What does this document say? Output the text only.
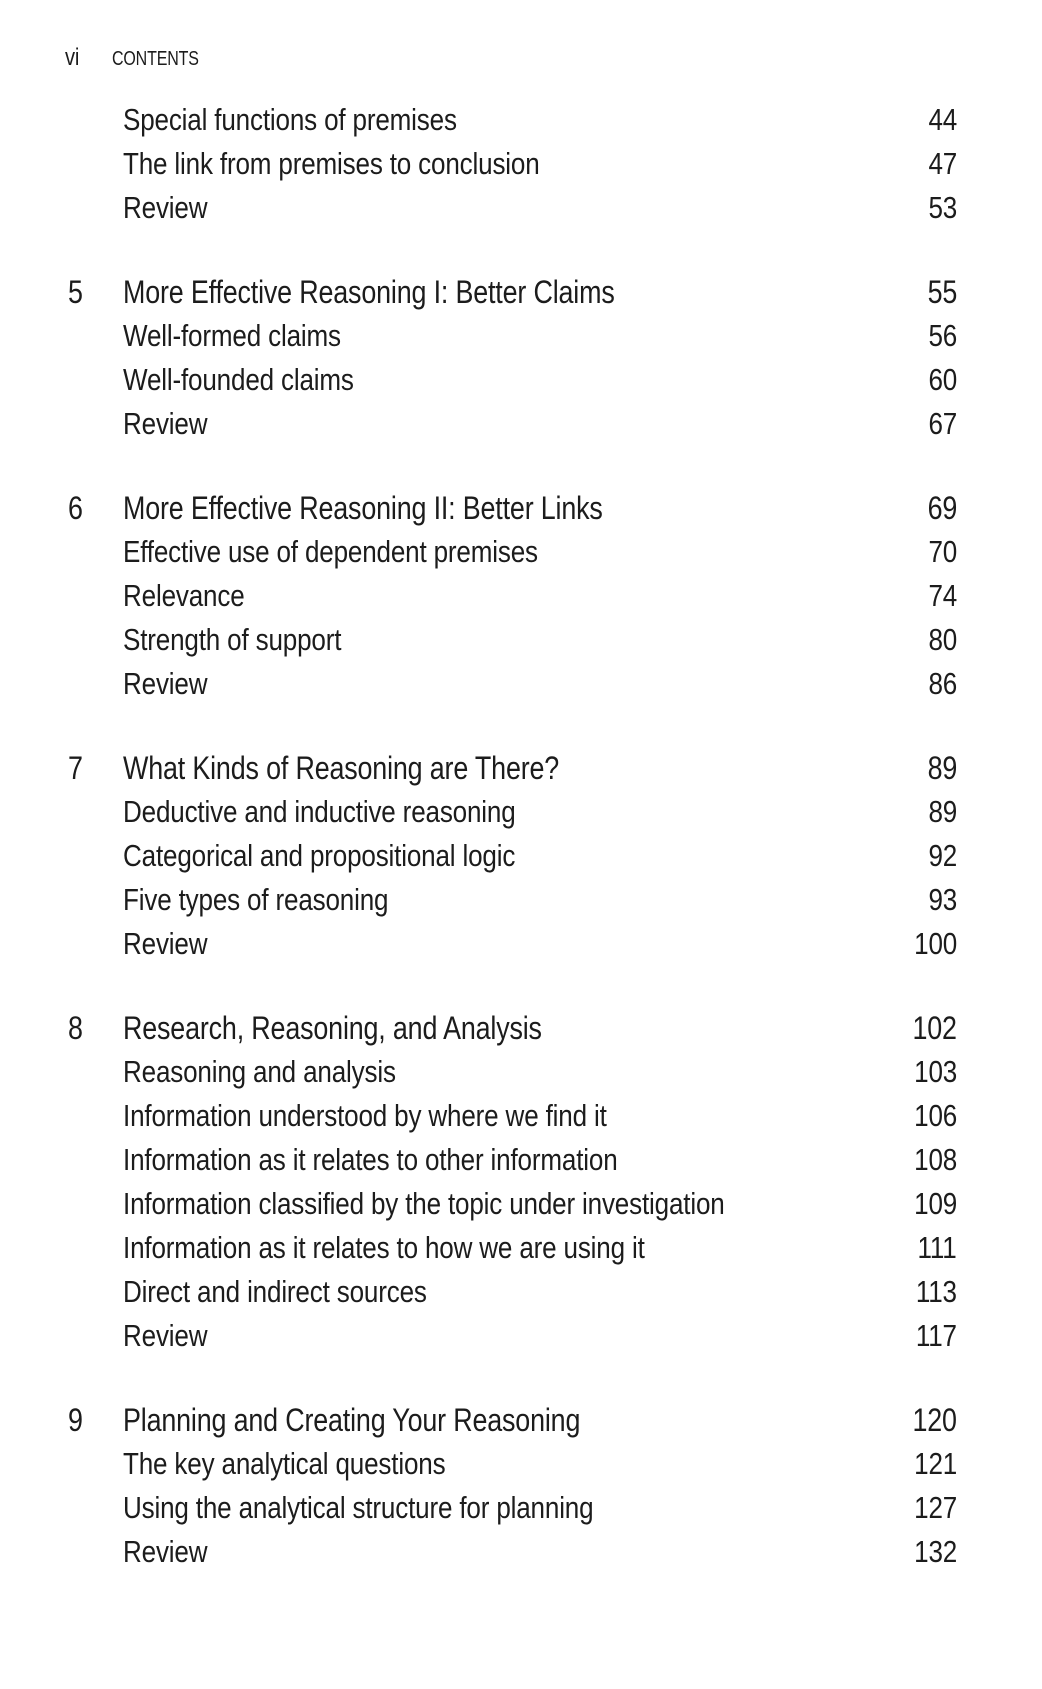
vi	CONTENTS
Special functions of premises	44
The link from premises to conclusion	47
Review	53
5	More Effective Reasoning I: Better Claims	55
Well-formed claims	56
Well-founded claims	60
Review	67
6	More Effective Reasoning II: Better Links	69
Effective use of dependent premises	70
Relevance	74
Strength of support	80
Review	86
7	What Kinds of Reasoning are There?	89
Deductive and inductive reasoning	89
Categorical and propositional logic	92
Five types of reasoning	93
Review	100
8	Research, Reasoning, and Analysis	102
Reasoning and analysis	103
Information understood by where we find it	106
Information as it relates to other information	108
Information classified by the topic under investigation	109
Information as it relates to how we are using it	111
Direct and indirect sources	113
Review	117
9	Planning and Creating Your Reasoning	120
The key analytical questions	121
Using the analytical structure for planning	127
Review	132
